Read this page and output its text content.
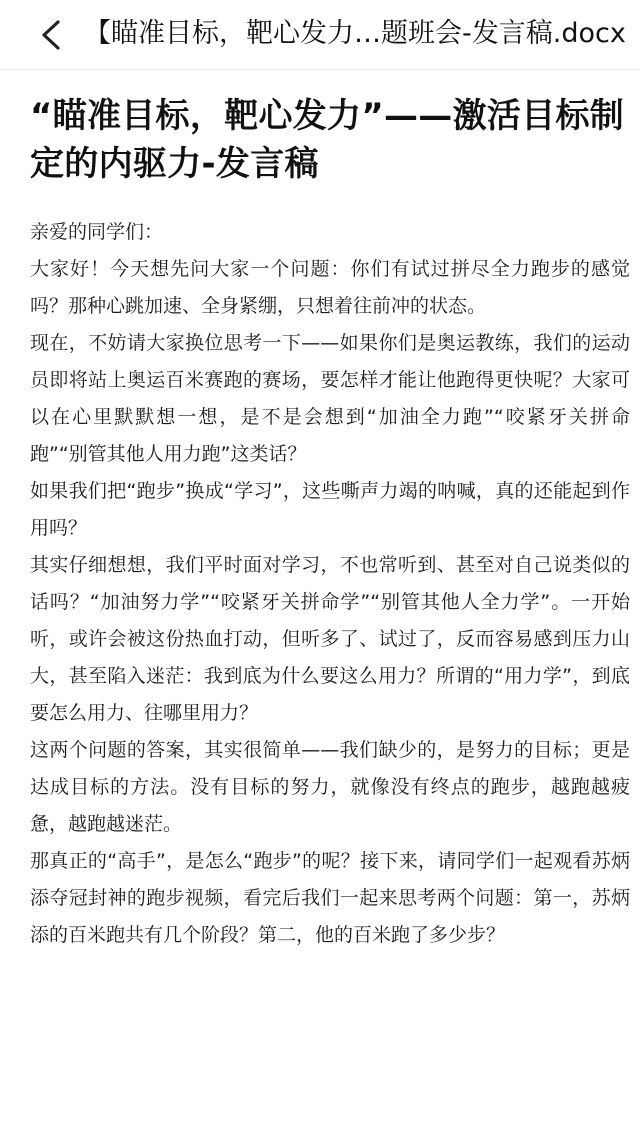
【瞄准目标，靶心发力…题班会-发言稿.docx
“瞄准目标，靶心发力”——激活目标制定的内驱力-发言稿

亲爱的同学们：

大家好！今天想先问大家一个问题：你们有试过拼尽全力跑步的感觉吗？那种心跳加速、全身紧绷，只想着往前冲的状态。

现在，不妨请大家换位思考一下——如果你们是奥运教练，我们的运动员即将站上奥运百米赛跑的赛场，要怎样才能让他跑得更快呢？大家可以在心里默默想一想，是不是会想到“加油全力跑”“咬紧牙关拼命跑”“别管其他人用力跑”这类话？

如果我们把“跑步”换成“学习”，这些嘶声力竭的呐喊，真的还能起到作用吗？

其实仔细想想，我们平时面对学习，不也常听到、甚至对自己说类似的话吗？“加油努力学”“咬紧牙关拼命学”“别管其他人全力学”。一开始听，或许会被这份热血打动，但听多了、试过了，反而容易感到压力山大，甚至陷入迷茫：我到底为什么要这么用力？所谓的“用力学”，到底要怎么用力、往哪里用力？

这两个问题的答案，其实很简单——我们缺少的，是努力的目标；更是达成目标的方法。没有目标的努力，就像没有终点的跑步，越跑越疲惫，越跑越迷茫。

那真正的“高手”，是怎么“跑步”的呢？接下来，请同学们一起观看苏炳添夺冠封神的跑步视频，看完后我们一起来思考两个问题：第一，苏炳添的百米跑共有几个阶段？第二，他的百米跑了多少步？
